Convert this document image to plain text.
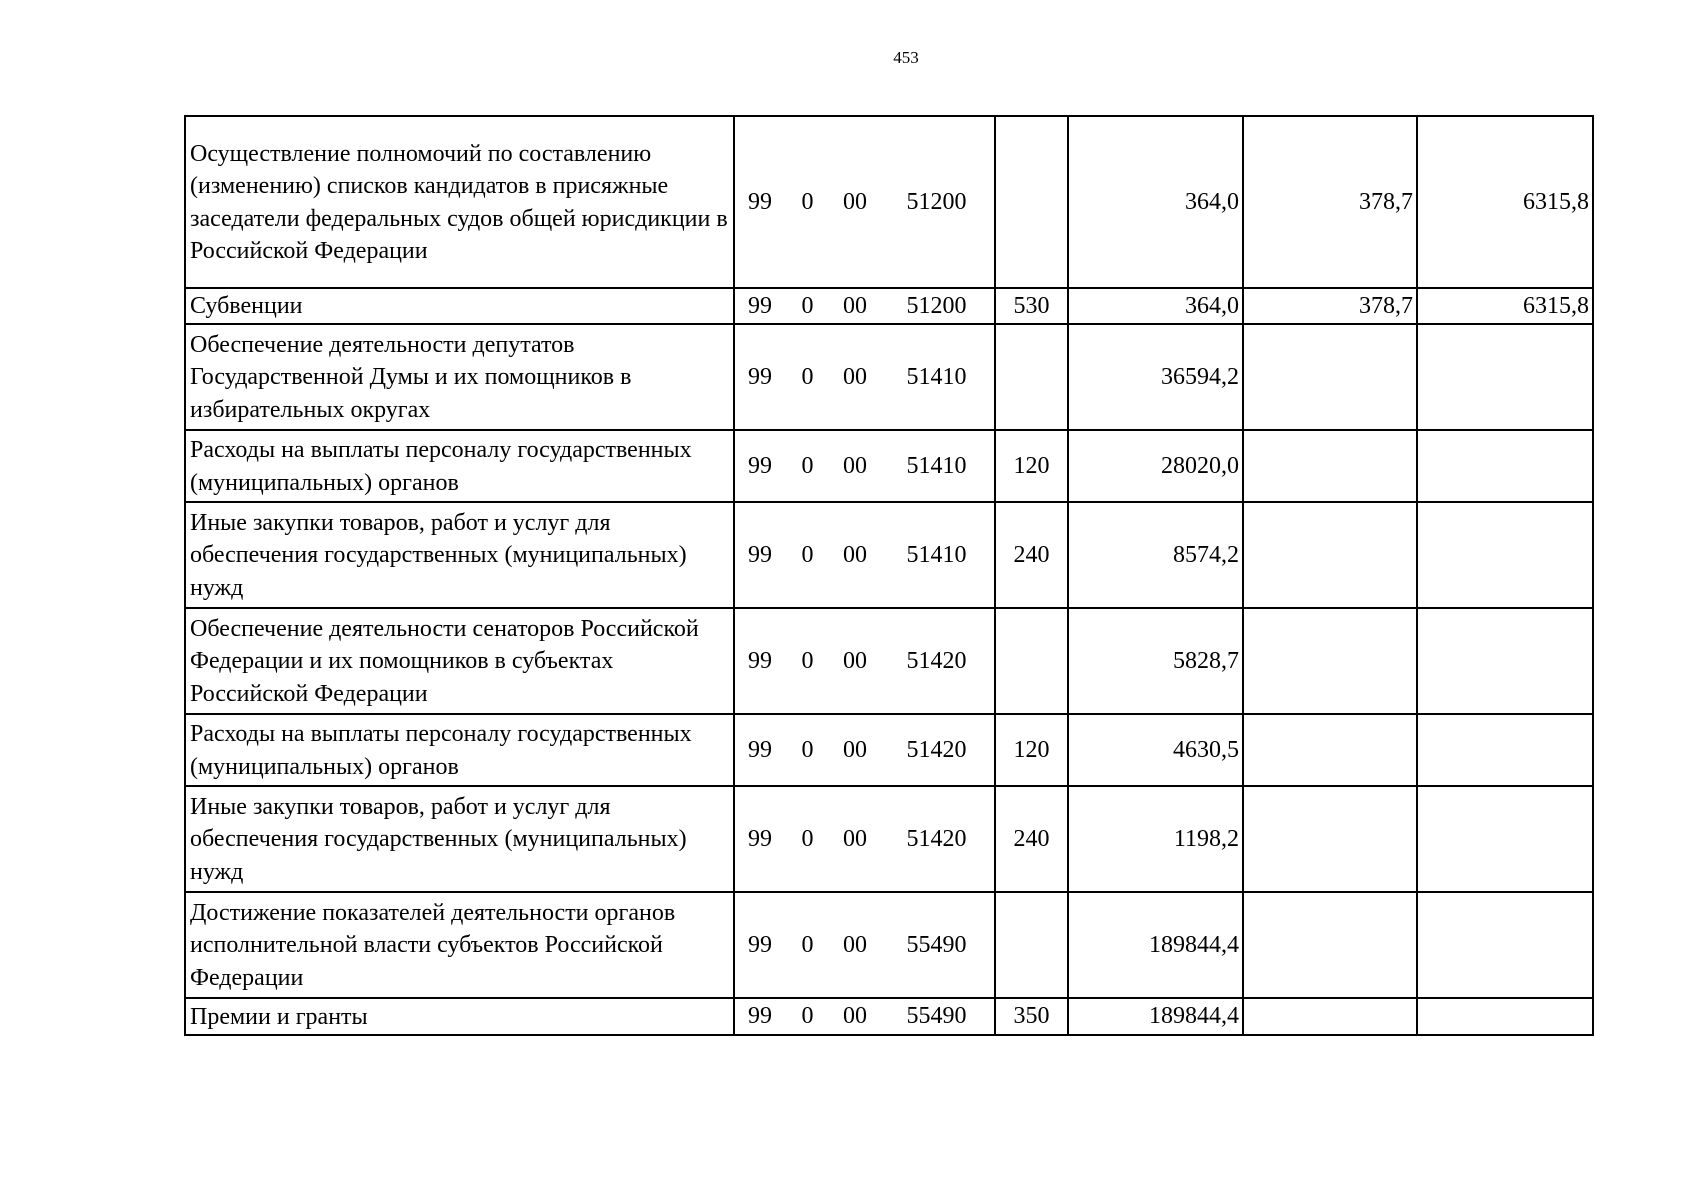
453
Осуществление полномочий по составлению (изменению) списков кандидатов в присяжные заседатели федеральных судов общей юрисдикции в Российской Федерации	99 0 00 51200		364,0	378,7	6315,8
Субвенции	99 0 00 51200	530	364,0	378,7	6315,8
Обеспечение деятельности депутатов Государственной Думы и их помощников в избирательных округах	99 0 00 51410		36594,2		
Расходы на выплаты персоналу государственных (муниципальных) органов	99 0 00 51410	120	28020,0		
Иные закупки товаров, работ и услуг для обеспечения государственных (муниципальных) нужд	99 0 00 51410	240	8574,2		
Обеспечение деятельности сенаторов Российской Федерации и их помощников в субъектах Российской Федерации	99 0 00 51420		5828,7		
Расходы на выплаты персоналу государственных (муниципальных) органов	99 0 00 51420	120	4630,5		
Иные закупки товаров, работ и услуг для обеспечения государственных (муниципальных) нужд	99 0 00 51420	240	1198,2		
Достижение показателей деятельности органов исполнительной власти субъектов Российской Федерации	99 0 00 55490		189844,4		
Премии и гранты	99 0 00 55490	350	189844,4		
